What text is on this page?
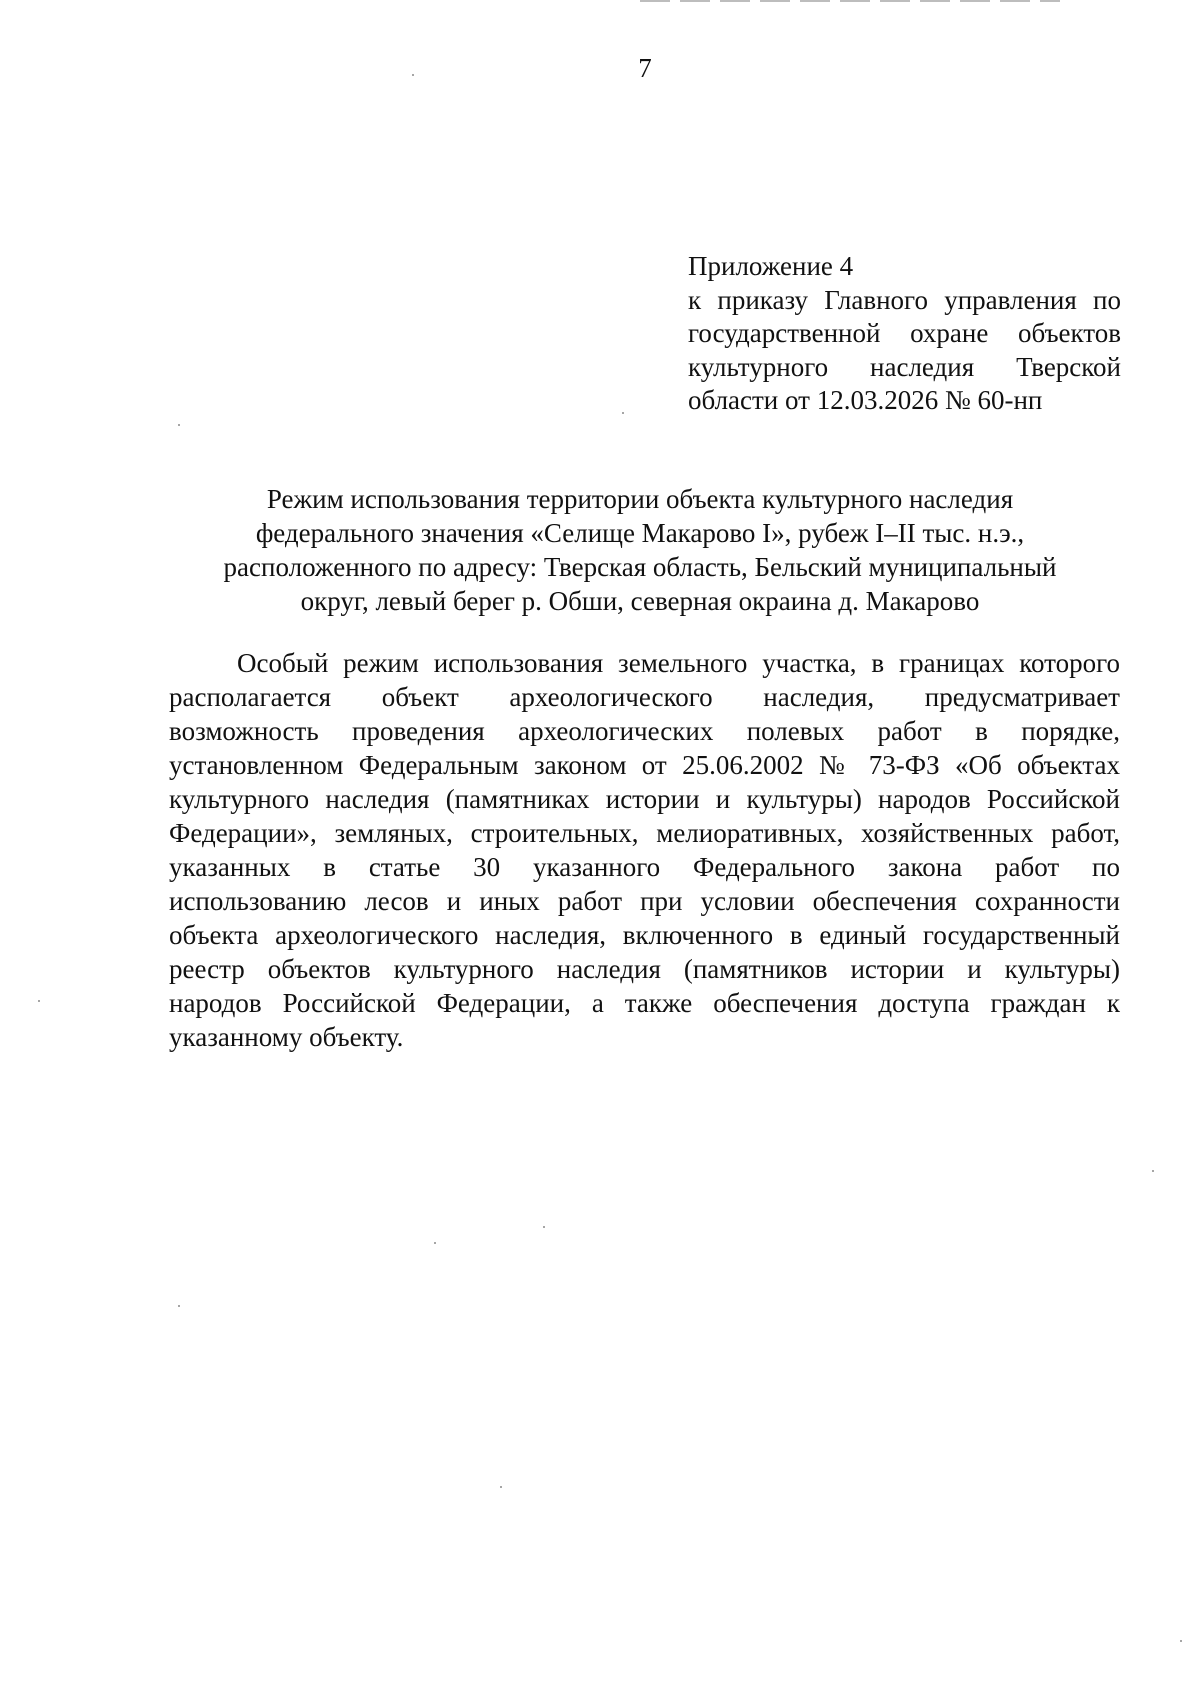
7
Приложение 4
к приказу Главного управления по
государственной охране объектов
культурного наследия Тверской
области от 12.03.2026 № 60-нп
Режим использования территории объекта культурного наследия
федерального значения «Селище Макарово I», рубеж I–II тыс. н.э.,
расположенного по адресу: Тверская область, Бельский муниципальный
округ, левый берег р. Обши, северная окраина д. Макарово
Особый режим использования земельного участка, в границах которого
располагается объект археологического наследия, предусматривает
возможность проведения археологических полевых работ в порядке,
установленном Федеральным законом от 25.06.2002 № 73-ФЗ «Об объектах
культурного наследия (памятниках истории и культуры) народов Российской
Федерации», земляных, строительных, мелиоративных, хозяйственных работ,
указанных в статье 30 указанного Федерального закона работ по
использованию лесов и иных работ при условии обеспечения сохранности
объекта археологического наследия, включенного в единый государственный
реестр объектов культурного наследия (памятников истории и культуры)
народов Российской Федерации, а также обеспечения доступа граждан к
указанному объекту.
